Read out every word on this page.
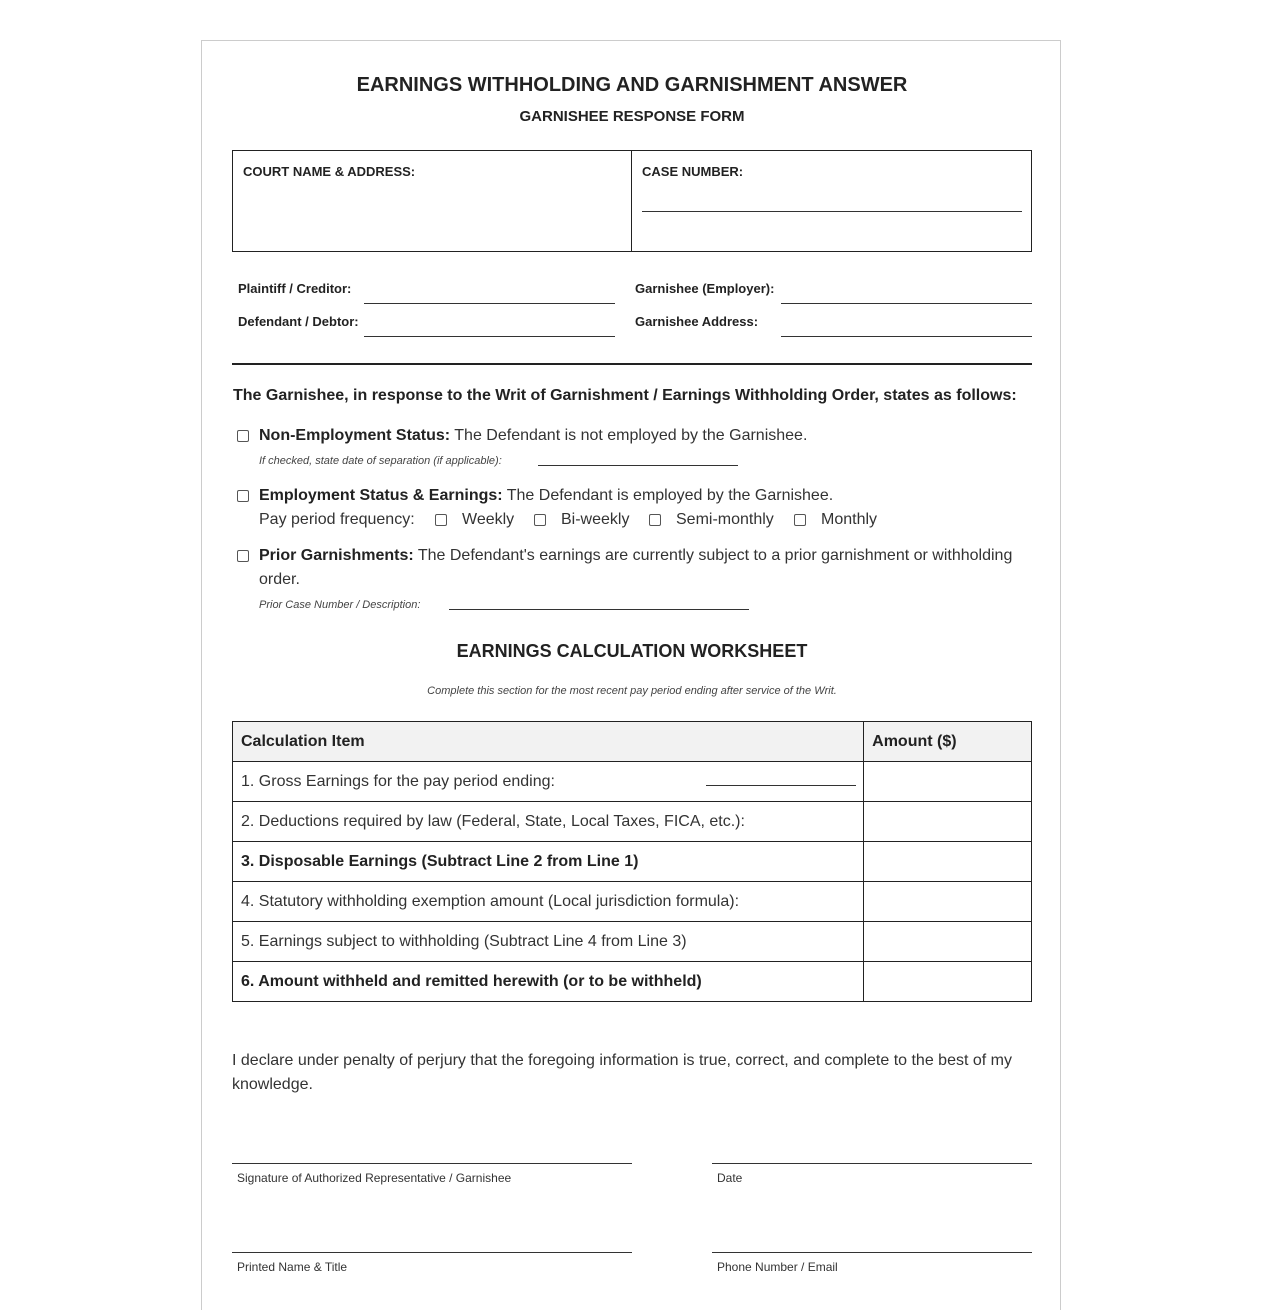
EARNINGS WITHHOLDING AND GARNISHMENT ANSWER
GARNISHEE RESPONSE FORM
COURT NAME & ADDRESS:	CASE NUMBER:
Plaintiff / Creditor:
Defendant / Debtor:
Garnishee (Employer):
Garnishee Address:
The Garnishee, in response to the Writ of Garnishment / Earnings Withholding Order, states as follows:
Non-Employment Status: The Defendant is not employed by the Garnishee.
If checked, state date of separation (if applicable):
Employment Status & Earnings: The Defendant is employed by the Garnishee.
Pay period frequency:	Weekly	Bi-weekly	Semi-monthly	Monthly
Prior Garnishments: The Defendant's earnings are currently subject to a prior garnishment or withholding
order.
Prior Case Number / Description:
EARNINGS CALCULATION WORKSHEET
Complete this section for the most recent pay period ending after service of the Writ.
Calculation Item	Amount ($)
1. Gross Earnings for the pay period ending:

2. Deductions required by law (Federal, State, Local Taxes, FICA, etc.):	
3. Disposable Earnings (Subtract Line 2 from Line 1)	
4. Statutory withholding exemption amount (Local jurisdiction formula):	
5. Earnings subject to withholding (Subtract Line 4 from Line 3)	
6. Amount withheld and remitted herewith (or to be withheld)	
I declare under penalty of perjury that the foregoing information is true, correct, and complete to the best of my knowledge.
Signature of Authorized Representative / Garnishee	Date
Printed Name & Title	Phone Number / Email
